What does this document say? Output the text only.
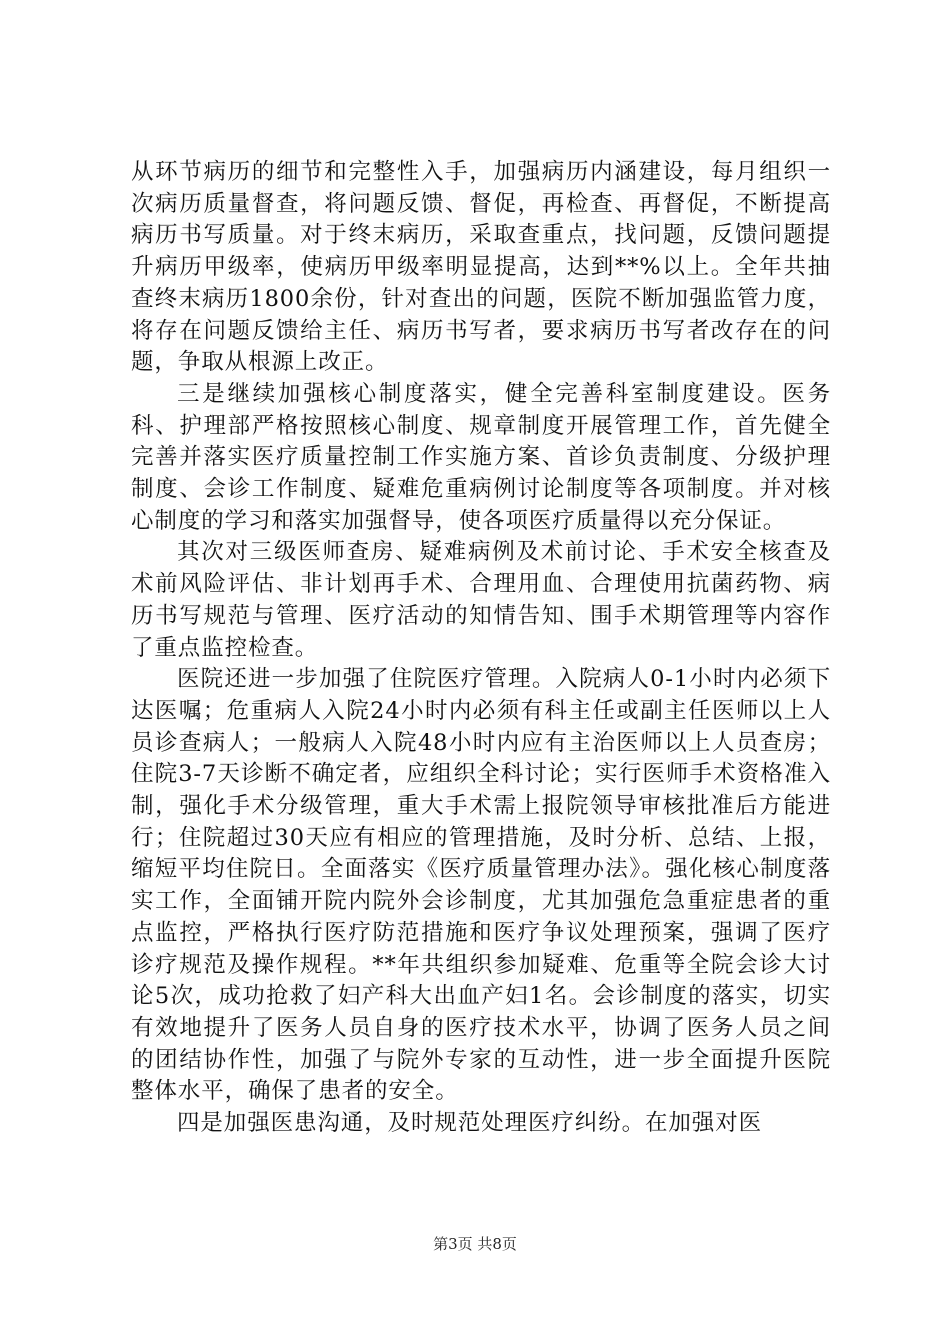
从环节病历的细节和完整性入手，加强病历内涵建设，每月组织一次病历质量督查，将问题反馈、督促，再检查、再督促，不断提高病历书写质量。对于终末病历，采取查重点，找问题，反馈问题提升病历甲级率，使病历甲级率明显提高，达到**%以上。全年共抽查终末病历1800余份，针对查出的问题，医院不断加强监管力度，将存在问题反馈给主任、病历书写者，要求病历书写者改存在的问题，争取从根源上改正。

三是继续加强核心制度落实，健全完善科室制度建设。医务科、护理部严格按照核心制度、规章制度开展管理工作，首先健全完善并落实医疗质量控制工作实施方案、首诊负责制度、分级护理制度、会诊工作制度、疑难危重病例讨论制度等各项制度。并对核心制度的学习和落实加强督导，使各项医疗质量得以充分保证。

其次对三级医师查房、疑难病例及术前讨论、手术安全核查及术前风险评估、非计划再手术、合理用血、合理使用抗菌药物、病历书写规范与管理、医疗活动的知情告知、围手术期管理等内容作了重点监控检查。

医院还进一步加强了住院医疗管理。入院病人0-1小时内必须下达医嘱；危重病人入院24小时内必须有科主任或副主任医师以上人员诊查病人；一般病人入院48小时内应有主治医师以上人员查房；住院3-7天诊断不确定者，应组织全科讨论；实行医师手术资格准入制，强化手术分级管理，重大手术需上报院领导审核批准后方能进行；住院超过30天应有相应的管理措施，及时分析、总结、上报，缩短平均住院日。全面落实《医疗质量管理办法》。强化核心制度落实工作，全面铺开院内院外会诊制度，尤其加强危急重症患者的重点监控，严格执行医疗防范措施和医疗争议处理预案，强调了医疗诊疗规范及操作规程。**年共组织参加疑难、危重等全院会诊大讨论5次，成功抢救了妇产科大出血产妇1名。会诊制度的落实，切实有效地提升了医务人员自身的医疗技术水平，协调了医务人员之间的团结协作性，加强了与院外专家的互动性，进一步全面提升医院整体水平，确保了患者的安全。

四是加强医患沟通，及时规范处理医疗纠纷。在加强对医

第3页 共8页
